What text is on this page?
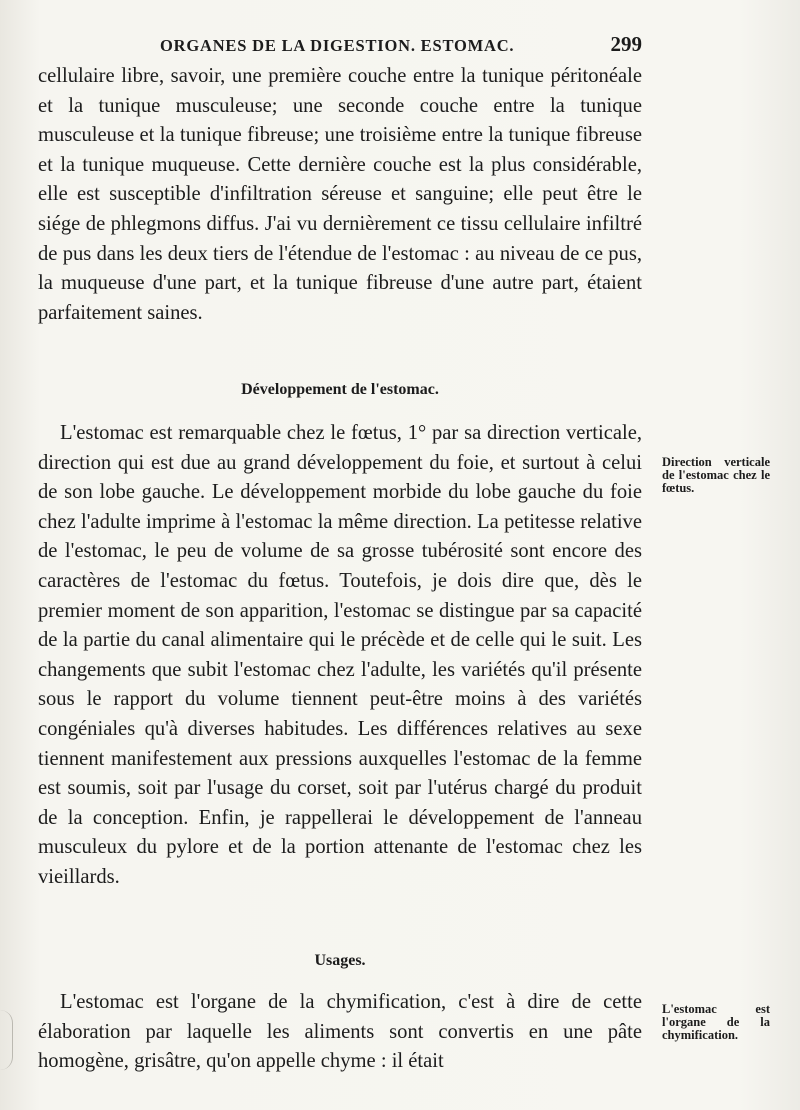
ORGANES DE LA DIGESTION. ESTOMAC.	299

cellulaire libre, savoir, une première couche entre la tunique péritonéale et la tunique musculeuse; une seconde couche entre la tunique musculeuse et la tunique fibreuse; une troisième entre la tunique fibreuse et la tunique muqueuse. Cette dernière couche est la plus considérable, elle est susceptible d'infiltration séreuse et sanguine; elle peut être le siége de phlegmons diffus. J'ai vu dernièrement ce tissu cellulaire infiltré de pus dans les deux tiers de l'étendue de l'estomac : au niveau de ce pus, la muqueuse d'une part, et la tunique fibreuse d'une autre part, étaient parfaitement saines.

Développement de l'estomac.

L'estomac est remarquable chez le fœtus, 1° par sa direction verticale, direction qui est due au grand développement du foie, et surtout à celui de son lobe gauche. Le développement morbide du lobe gauche du foie chez l'adulte imprime à l'estomac la même direction. La petitesse relative de l'estomac, le peu de volume de sa grosse tubérosité sont encore des caractères de l'estomac du fœtus. Toutefois, je dois dire que, dès le premier moment de son apparition, l'estomac se distingue par sa capacité de la partie du canal alimentaire qui le précède et de celle qui le suit. Les changements que subit l'estomac chez l'adulte, les variétés qu'il présente sous le rapport du volume tiennent peut-être moins à des variétés congéniales qu'à diverses habitudes. Les différences relatives au sexe tiennent manifestement aux pressions auxquelles l'estomac de la femme est soumis, soit par l'usage du corset, soit par l'utérus chargé du produit de la conception. Enfin, je rappellerai le développement de l'anneau musculeux du pylore et de la portion attenante de l'estomac chez les vieillards.

Direction verticale de l'estomac chez le fœtus.
Usages.

L'estomac est l'organe de la chymification, c'est à dire de cette élaboration par laquelle les aliments sont convertis en une pâte homogène, grisâtre, qu'on appelle chyme : il était

L'estomac est l'organe de la chymification.
